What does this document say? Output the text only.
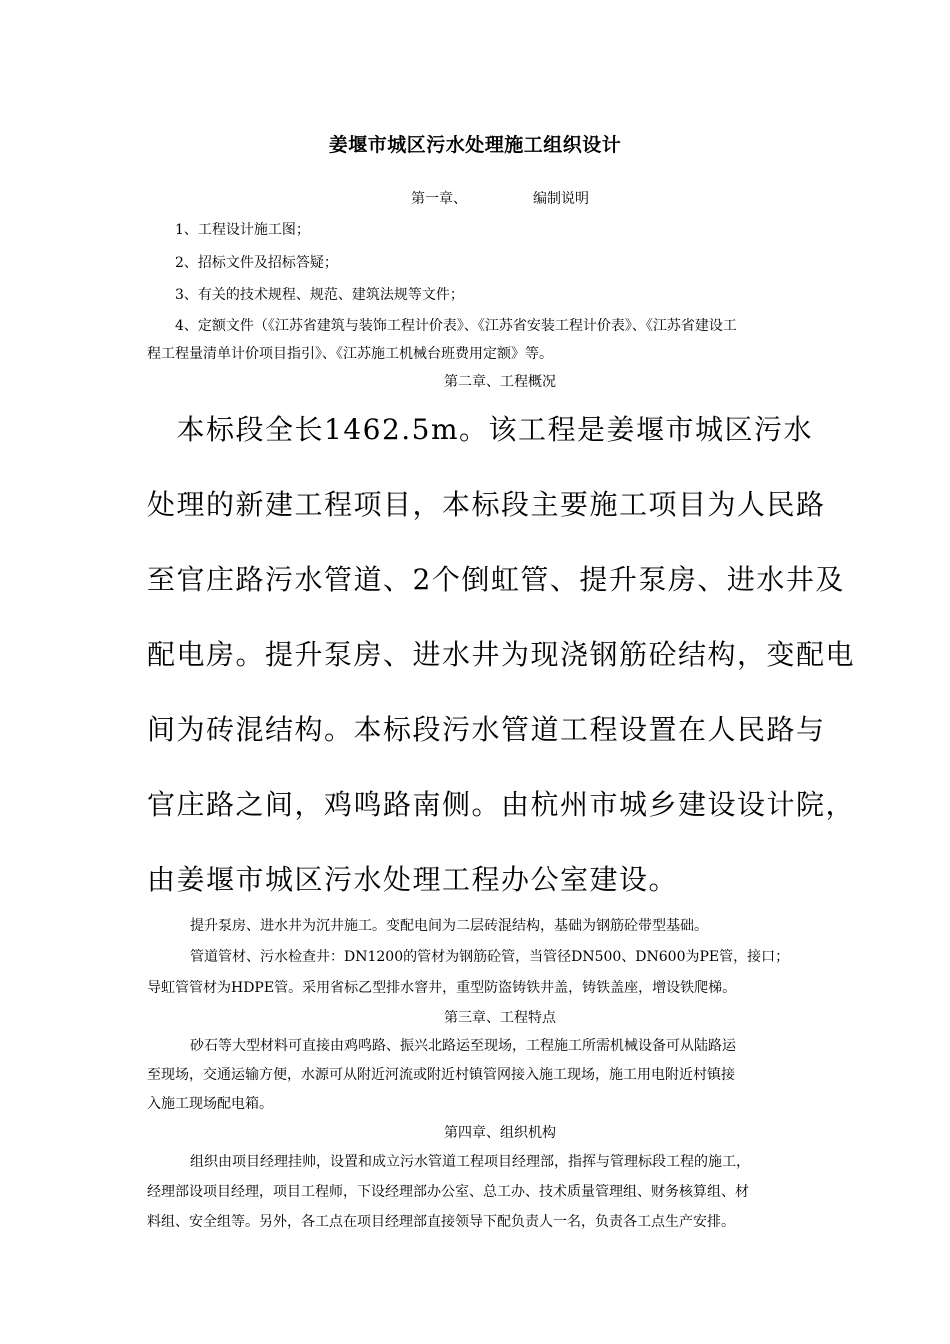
姜堰市城区污水处理施工组织设计
第一章、	编制说明
1、工程设计施工图；
2、招标文件及招标答疑；
3、有关的技术规程、规范、建筑法规等文件；
4、定额文件（《江苏省建筑与装饰工程计价表》、《江苏省安装工程计价表》、《江苏省建设工
程工程量清单计价项目指引》、《江苏施工机械台班费用定额》等。
第二章、工程概况
　本标段全长1462.5m。该工程是姜堰市城区污水
处理的新建工程项目，本标段主要施工项目为人民路
至官庄路污水管道、2个倒虹管、提升泵房、进水井及
配电房。提升泵房、进水井为现浇钢筋砼结构，变配电
间为砖混结构。本标段污水管道工程设置在人民路与
官庄路之间，鸡鸣路南侧。由杭州市城乡建设设计院，
由姜堰市城区污水处理工程办公室建设。
提升泵房、进水井为沉井施工。变配电间为二层砖混结构，基础为钢筋砼带型基础。
管道管材、污水检查井：DN1200的管材为钢筋砼管，当管径DN500、DN600为PE管，接口；
导虹管管材为HDPE管。采用省标乙型排水窨井，重型防盗铸铁井盖，铸铁盖座，增设铁爬梯。
第三章、工程特点
砂石等大型材料可直接由鸡鸣路、振兴北路运至现场，工程施工所需机械设备可从陆路运
至现场，交通运输方便，水源可从附近河流或附近村镇管网接入施工现场，施工用电附近村镇接
入施工现场配电箱。
第四章、组织机构
组织由项目经理挂帅，设置和成立污水管道工程项目经理部，指挥与管理标段工程的施工，
经理部设项目经理，项目工程师，下设经理部办公室、总工办、技术质量管理组、财务核算组、材
料组、安全组等。另外，各工点在项目经理部直接领导下配负责人一名，负责各工点生产安排。
